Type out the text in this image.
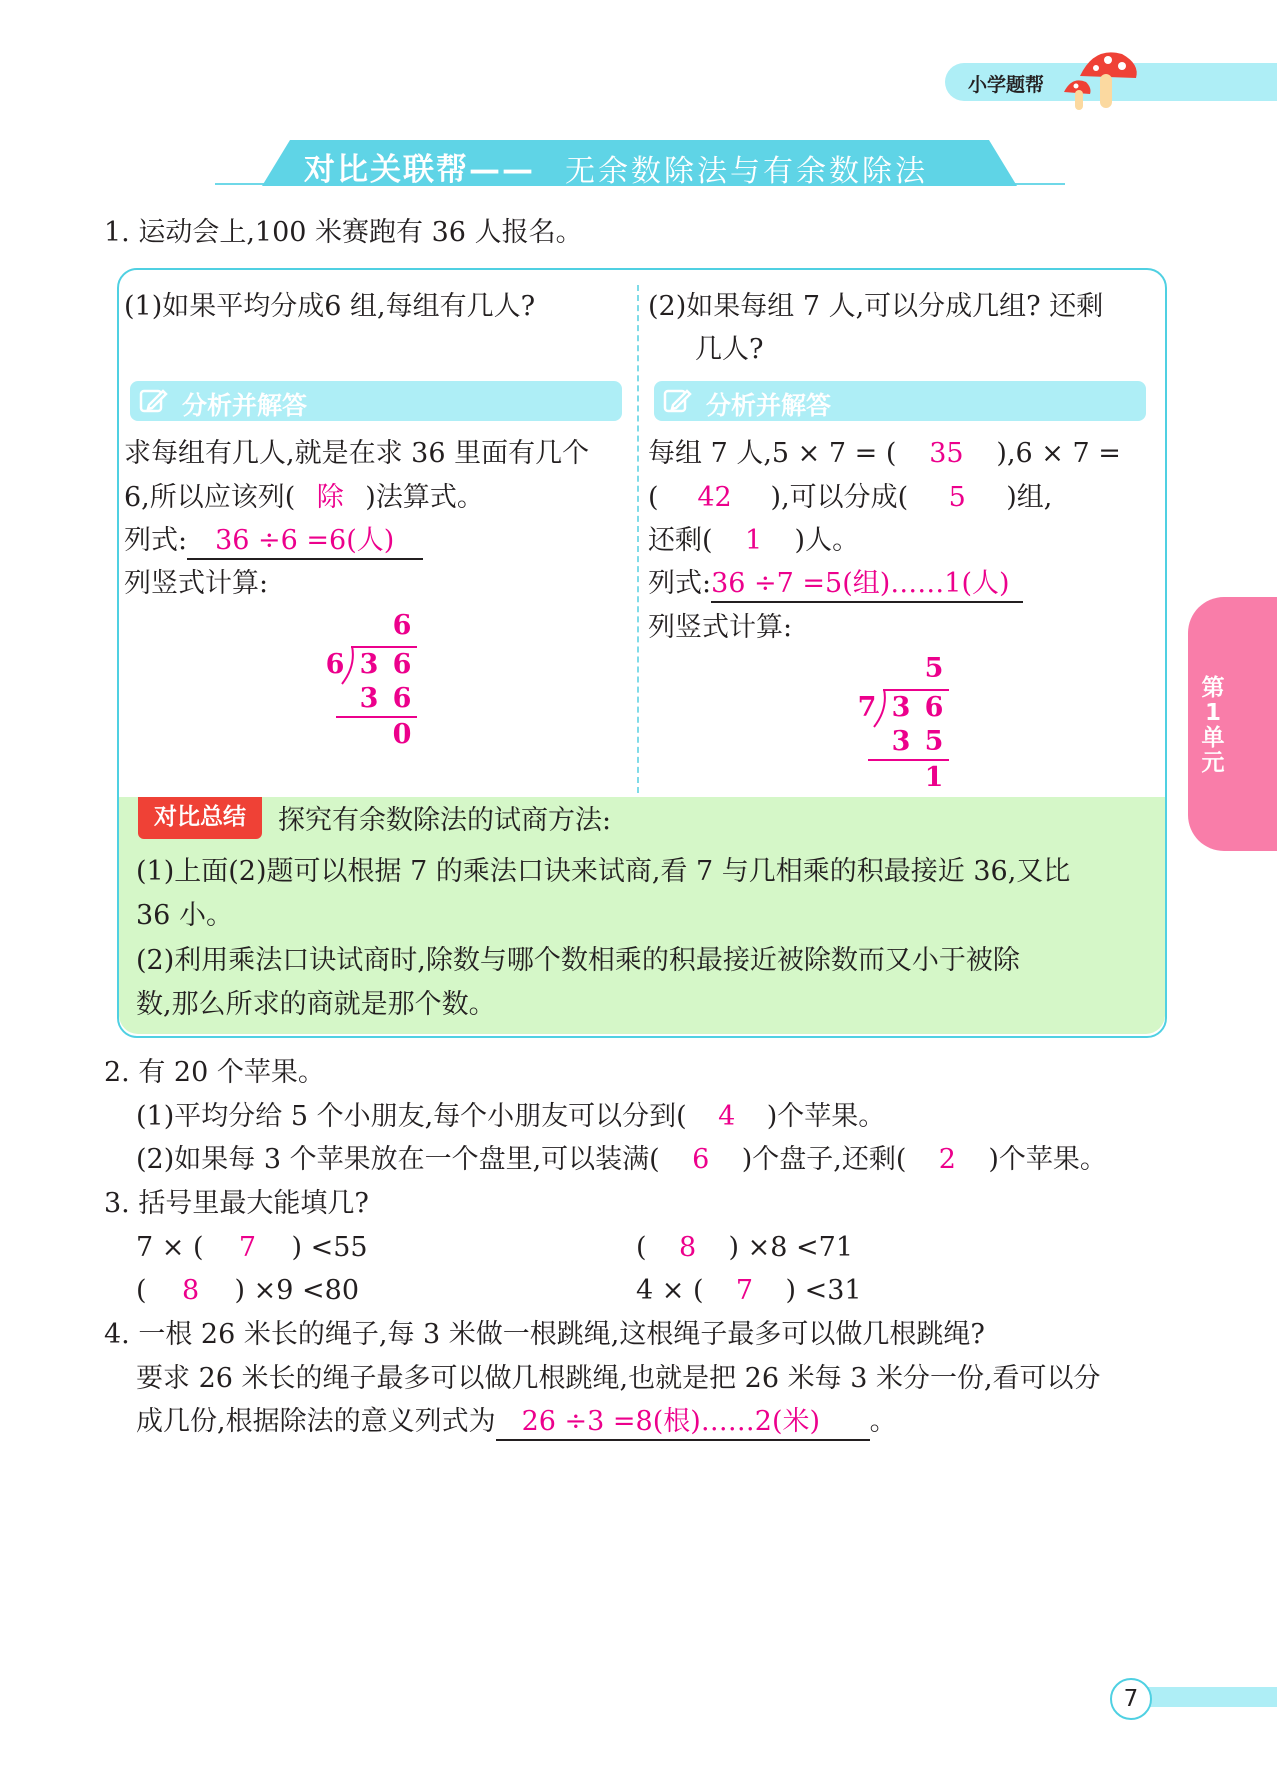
小学题帮
对比关联帮—— 无余数除法与有余数除法
1. 运动会上,100 米赛跑有 36 人报名。
(1)如果平均分成6 组,每组有几人?
分析并解答
求每组有几人,就是在求 36 里面有几个
6,所以应该列( 除 )法算式。
列式: 36 ÷6 =6(人)
列竖式计算:
6
6 3 6
3 6
0
(2)如果每组 7 人,可以分成几组? 还剩
几人?
分析并解答
每组 7 人,5 × 7 = ( 35 ),6 × 7 =
( 42 ),可以分成( 5 )组,
还剩( 1 )人。
列式:36 ÷7 =5(组)……1(人)
列竖式计算:
5
7 3 6
3 5
1
对比总结	探究有余数除法的试商方法:
(1)上面(2)题可以根据 7 的乘法口诀来试商,看 7 与几相乘的积最接近 36,又比
36 小。
(2)利用乘法口诀试商时,除数与哪个数相乘的积最接近被除数而又小于被除
数,那么所求的商就是那个数。
2. 有 20 个苹果。
(1)平均分给 5 个小朋友,每个小朋友可以分到( 4 )个苹果。
(2)如果每 3 个苹果放在一个盘里,可以装满( 6 )个盘子,还剩( 2 )个苹果。
3. 括号里最大能填几?
7 × ( 7 ) <55	( 8 ) ×8 <71
( 8 ) ×9 <80	4 × ( 7 ) <31
4. 一根 26 米长的绳子,每 3 米做一根跳绳,这根绳子最多可以做几根跳绳?
要求 26 米长的绳子最多可以做几根跳绳,也就是把 26 米每 3 米分一份,看可以分
成几份,根据除法的意义列式为 26 ÷3 =8(根)……2(米) 。
第1单元
7
